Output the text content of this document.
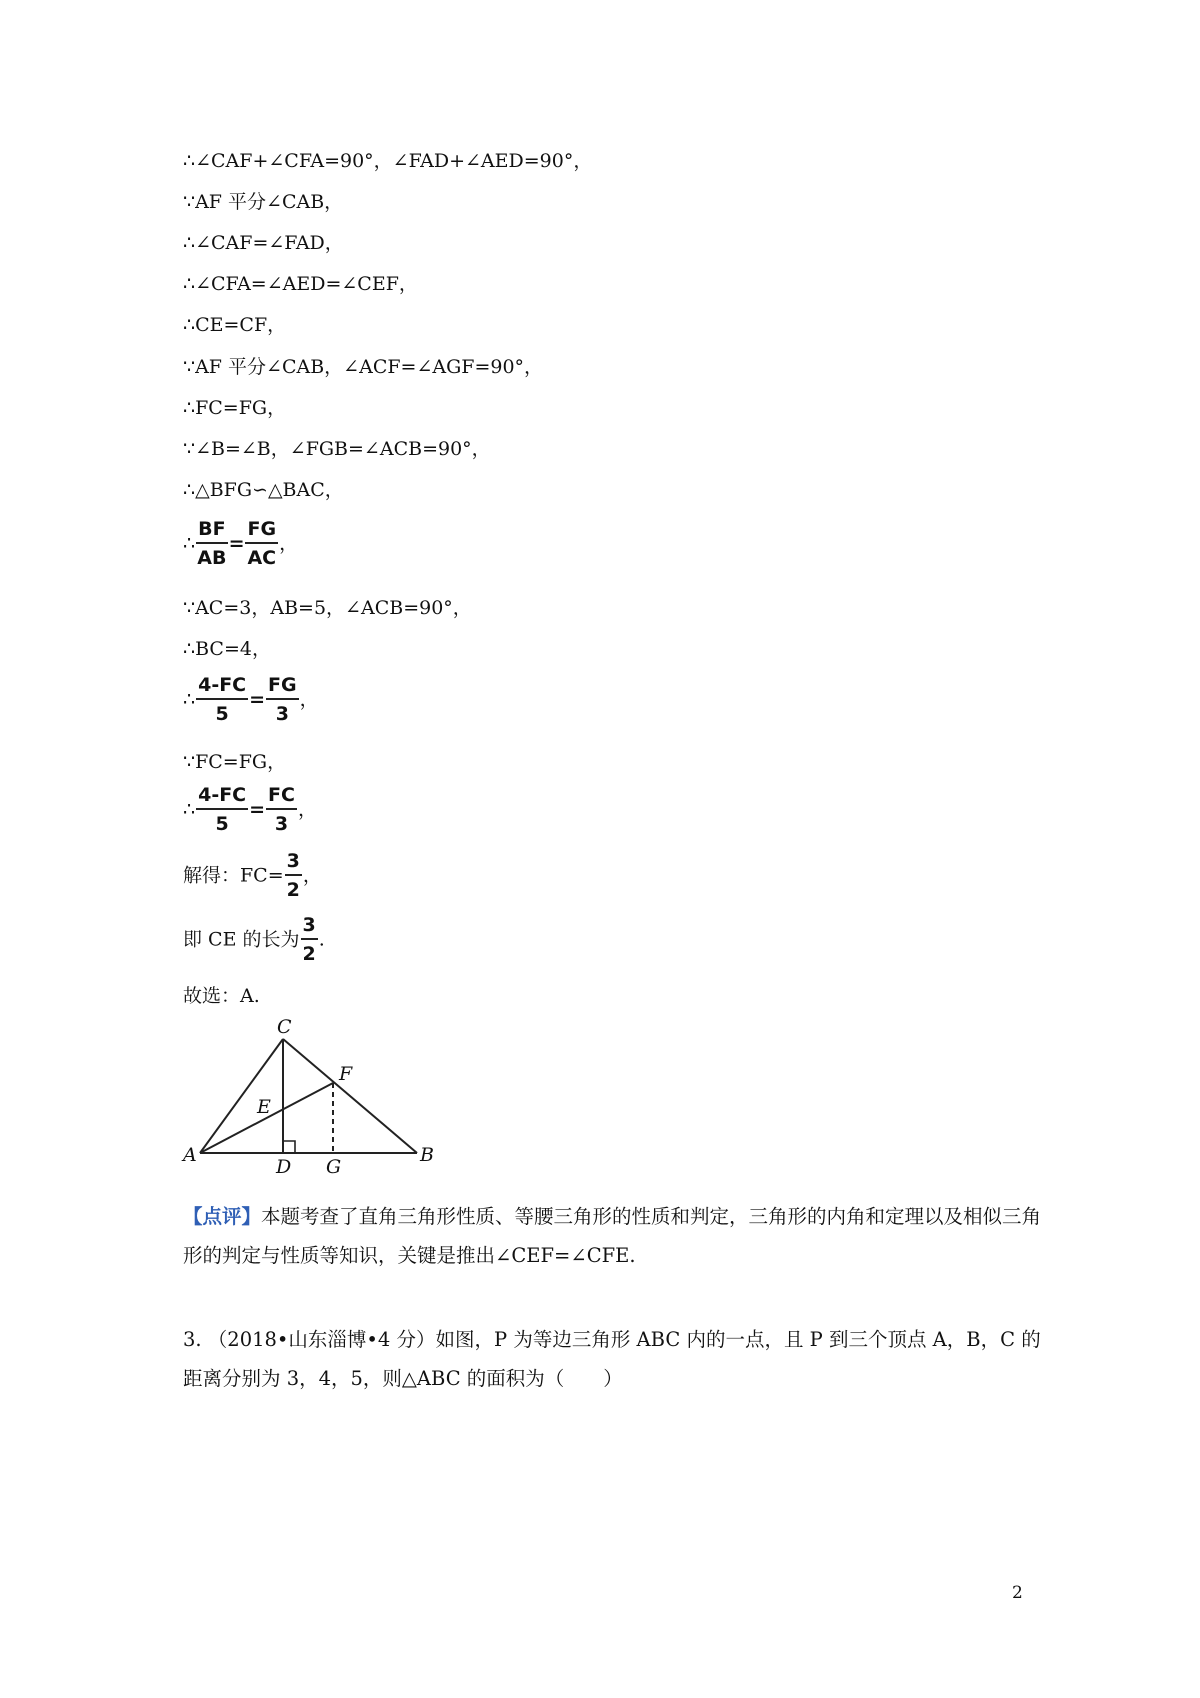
∴∠CAF+∠CFA=90°，∠FAD+∠AED=90°，
∵AF 平分∠CAB，
∴∠CAF=∠FAD，
∴∠CFA=∠AED=∠CEF，
∴CE=CF，
∵AF 平分∠CAB，∠ACF=∠AGF=90°，
∴FC=FG，
∵∠B=∠B，∠FGB=∠ACB=90°，
∴△BFG∽△BAC，
∴ $\frac{BF}{AB} = \frac{FG}{AC}$ ，
∵AC=3，AB=5，∠ACB=90°，
∴BC=4，
∴ $\frac{4-FC}{5} = \frac{FG}{3}$ ，
∵FC=FG，
∴ $\frac{4-FC}{5} = \frac{FC}{3}$ ，
解得：$FC= \frac{3}{2}$ ，
即 CE 的长为 $\frac{3}{2}$ .
故选：A.
C
F
E
A
D G
B
【点评】本题考查了直角三角形性质、等腰三角形的性质和判定，三角形的内角和定理以及相似三角形的判定与性质等知识，关键是推出∠CEF=∠CFE.
3. （2018•山东淄博•4 分）如图，P 为等边三角形 ABC 内的一点，且 P 到三个顶点 A，B，C 的距离分别为 3，4，5，则△ABC 的面积为（　　）
2
